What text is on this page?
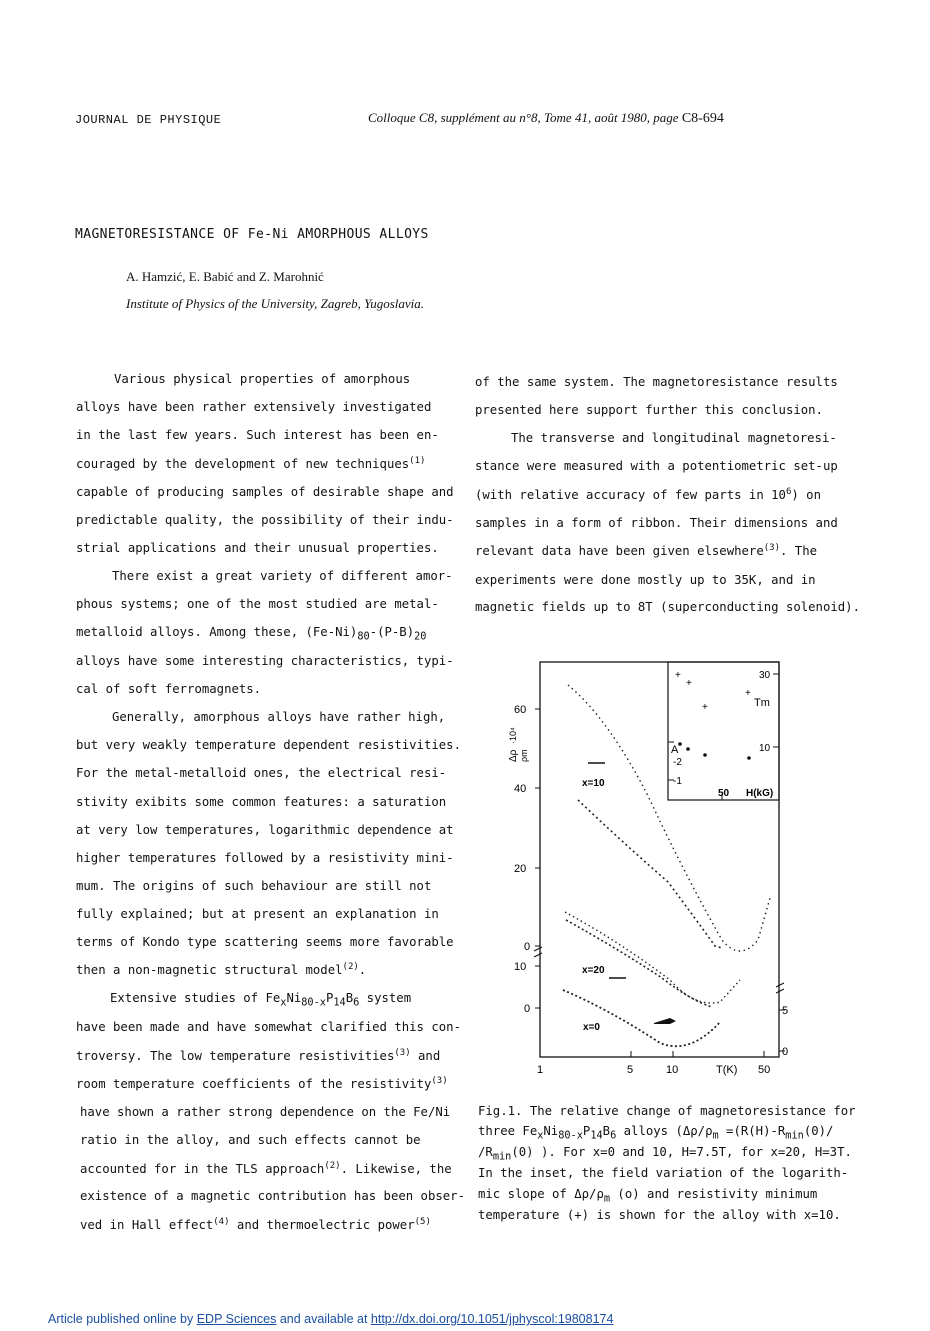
JOURNAL DE PHYSIQUE	Colloque C8, supplément au n°8, Tome 41, août 1980, page C8-694
MAGNETORESISTANCE OF Fe-Ni AMORPHOUS ALLOYS
A. Hamzić, E. Babić and Z. Marohnić
Institute of Physics of the University, Zagreb, Yugoslavia.
Various physical properties of amorphous
alloys have been rather extensively investigated
in the last few years. Such interest has been en-
couraged by the development of new techniques$^{(1)}$
capable of producing samples of desirable shape and
predictable quality, the possibility of their indu-
strial applications and their unusual properties.
There exist a great variety of different amor-
phous systems; one of the most studied are metal-
metalloid alloys. Among these, $(Fe-Ni)_{80}-(P-B)_{20}$
alloys have some interesting characteristics, typi-
cal of soft ferromagnets.
Generally, amorphous alloys have rather high,
but very weakly temperature dependent resistivities.
For the metal-metalloid ones, the electrical resi-
stivity exibits some common features: a saturation
at very low temperatures, logarithmic dependence at
higher temperatures followed by a resistivity mini-
mum. The origins of such behaviour are still not
fully explained; but at present an explanation in
terms of Kondo type scattering seems more favorable
then a non-magnetic structural model$^{(2)}$.
Extensive studies of $Fe_xNi_{80-x}P_{14}B_6$ system
have been made and have somewhat clarified this con-
troversy. The low temperature resistivities$^{(3)}$ and
room temperature coefficients of the resistivity$^{(3)}$
have shown a rather strong dependence on the Fe/Ni
ratio in the alloy, and such effects cannot be
accounted for in the TLS approach$^{(2)}$. Likewise, the
existence of a magnetic contribution has been obser-
ved in Hall effect$^{(4)}$ and thermoelectric power$^{(5)}$
of the same system. The magnetoresistance results
presented here support further this conclusion.
The transverse and longitudinal magnetoresi-
stance were measured with a potentiometric set-up
(with relative accuracy of few parts in $10^6$) on
samples in a form of ribbon. Their dimensions and
relevant data have been given elsewhere$^{(3)}$. The
experiments were done mostly up to 35K, and in
magnetic fields up to 8T (superconducting solenoid).
60
40
20
0
10
0
Δρ ρm
·10⁴
5
0
1	5	10	T(K) 50
x=10
x=20
x=0
-2
-1
A
30
10
Tm
50 H(kG)
+
+
+
+
Fig.1. The relative change of magnetoresistance for
three $Fe_xNi_{80-x}P_{14}B_6$ alloys ($\Delta\rho/\rho_m =(R(H)-R_{min}(0)/$
$/R_{min}(0)$ ). For x=0 and 10, H=7.5T, for x=20, H=3T.
In the inset, the field variation of the logarith-
mic slope of $\Delta\rho/\rho_m$ (o) and resistivity minimum
temperature (+) is shown for the alloy with x=10.
Article published online by EDP Sciences and available at http://dx.doi.org/10.1051/jphyscol:19808174
